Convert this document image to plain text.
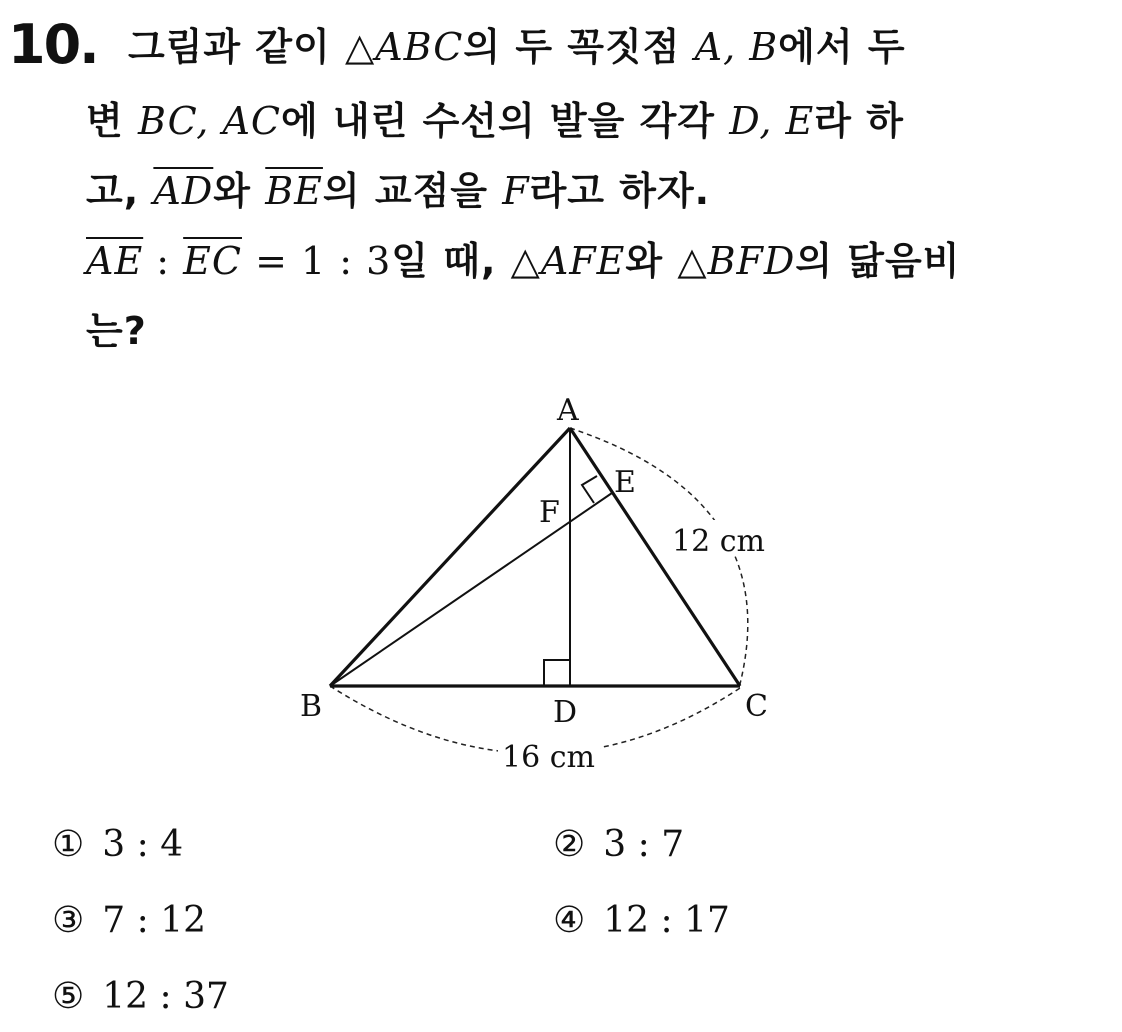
10. 그림과 같이 △ABC의 두 꼭짓점 A, B에서 두
변 BC, AC에 내린 수선의 발을 각각 D, E라 하
고, $\overline{AD}$와 $\overline{BE}$의 교점을 F라고 하자.
$\overline{AE}$ : $\overline{EC} = 1$ : 3일 때, △AFE와 △BFD의 닮음비
는?
A
B	C
D
E
F
12 cm
16 cm
① 3 : 4	② 3 : 7
③ 7 : 12	④ 12 : 17
⑤ 12 : 37
